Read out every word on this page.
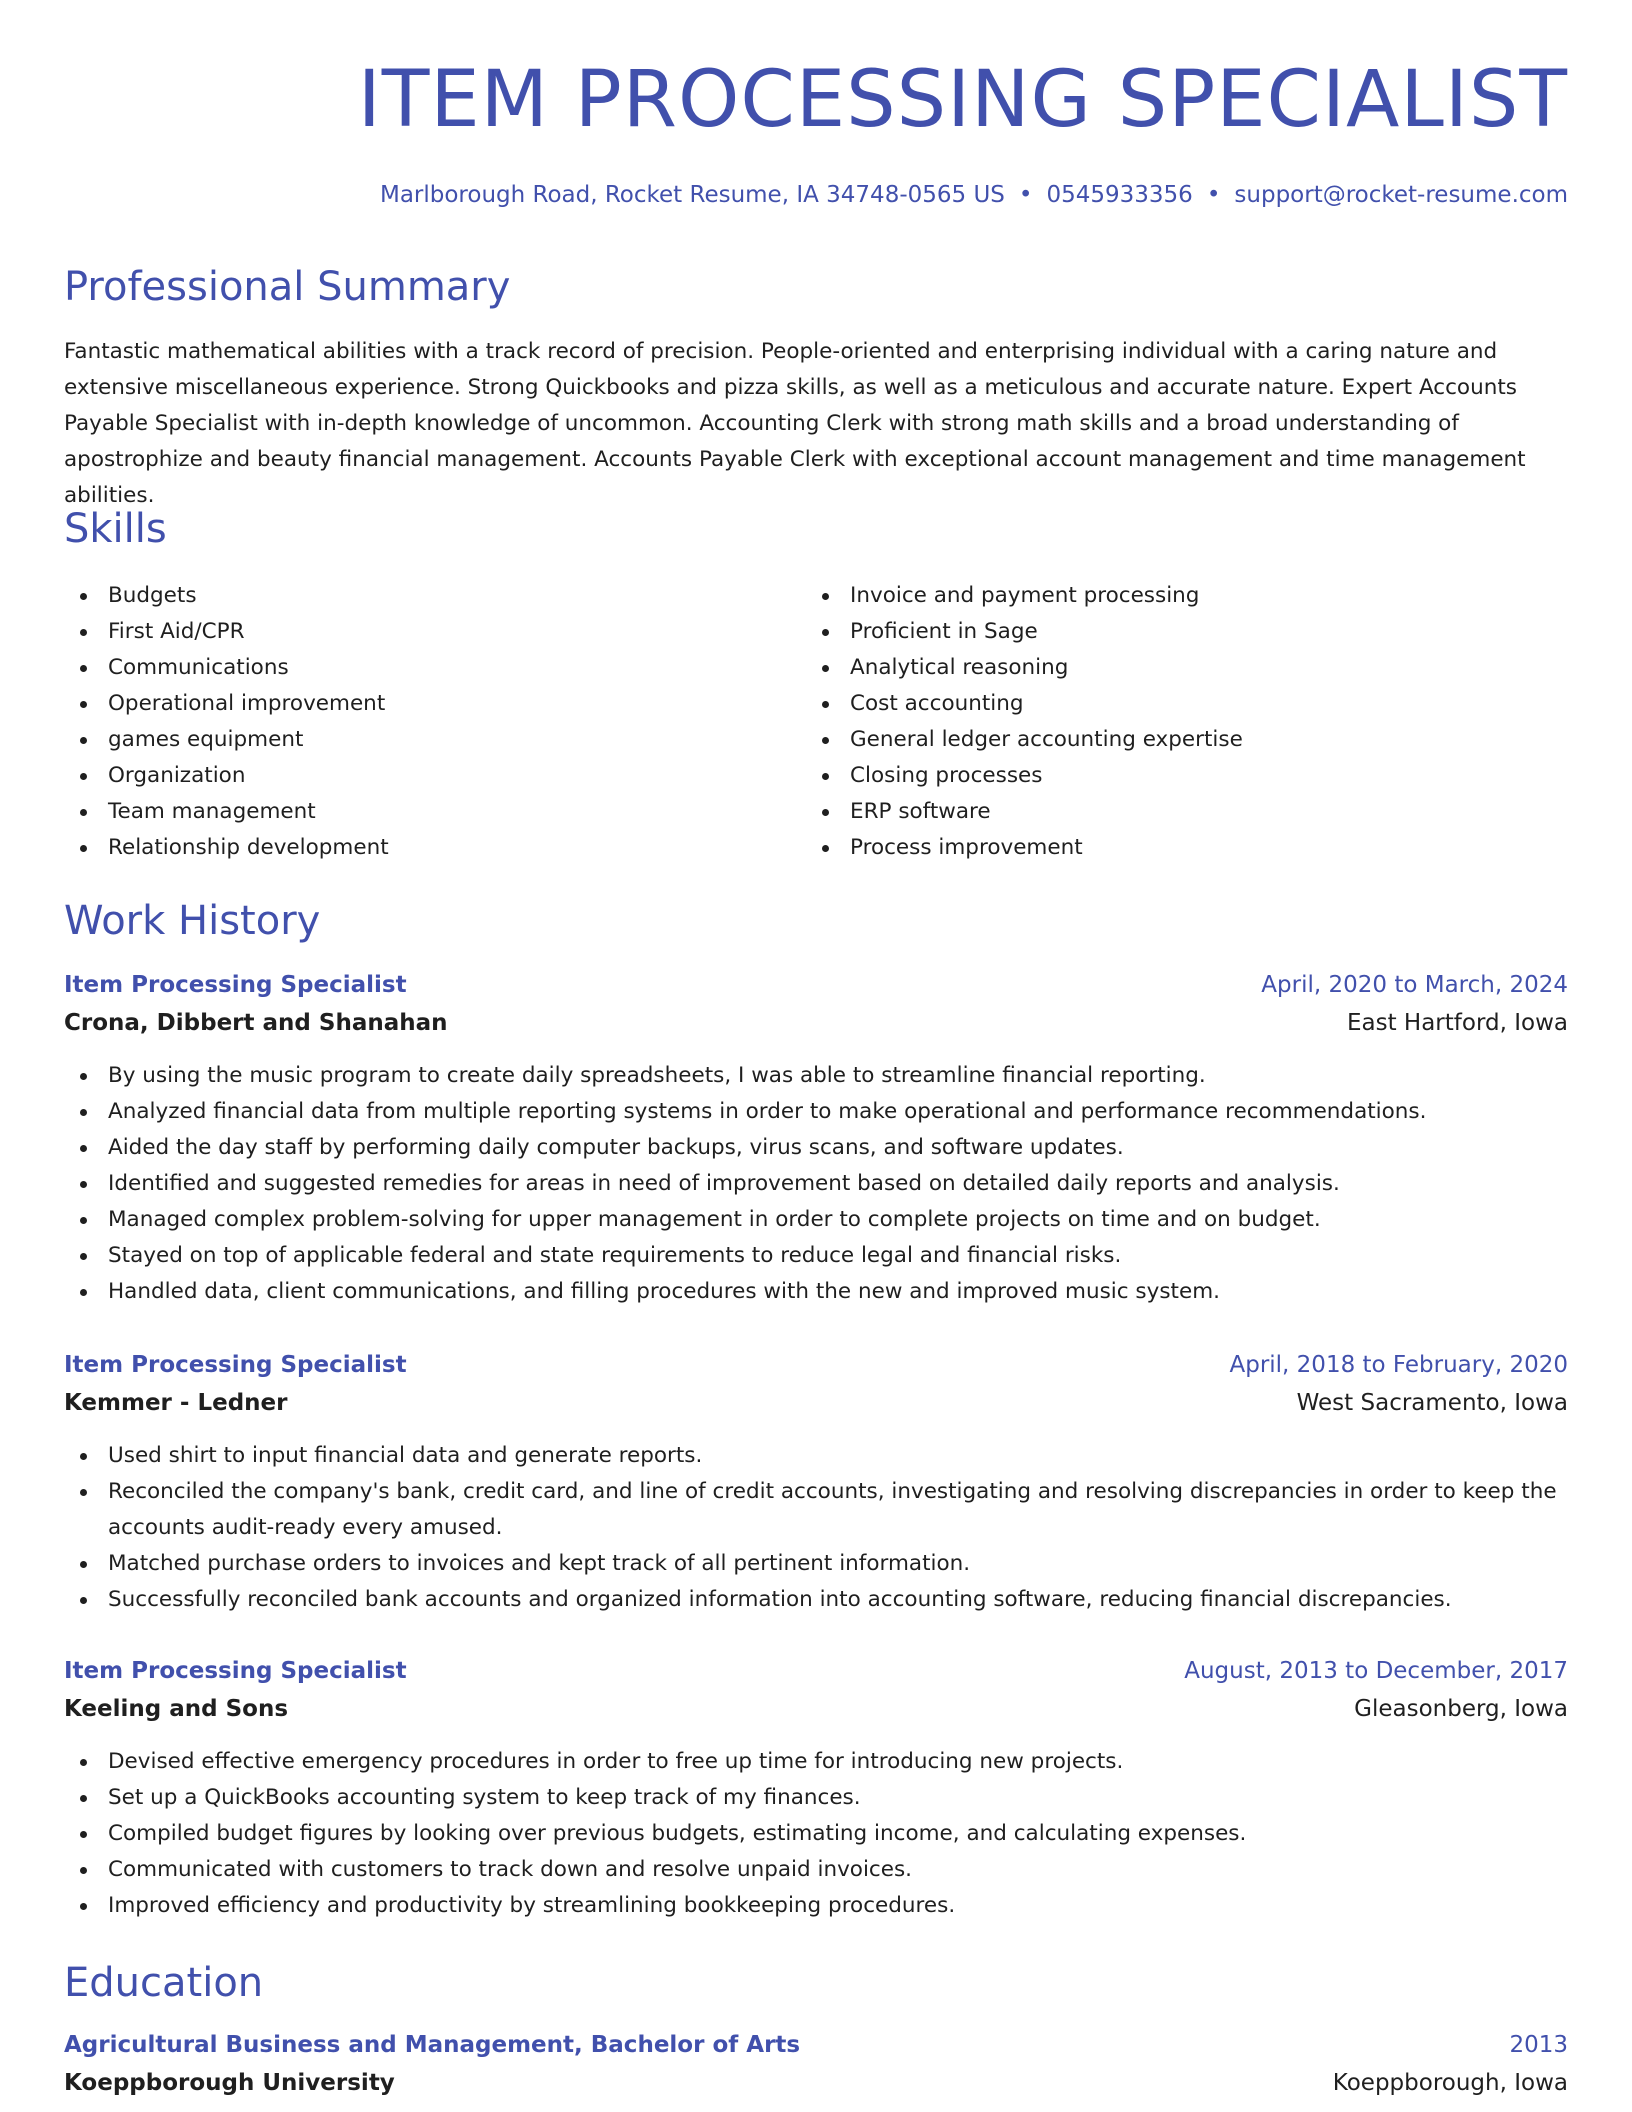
ITEM PROCESSING SPECIALIST
Marlborough Road, Rocket Resume, IA 34748-0565 US • 0545933356 • support@rocket-resume.com
Professional Summary

Fantastic mathematical abilities with a track record of precision. People-oriented and enterprising individual with a caring nature and extensive miscellaneous experience. Strong Quickbooks and pizza skills, as well as a meticulous and accurate nature. Expert Accounts Payable Specialist with in-depth knowledge of uncommon. Accounting Clerk with strong math skills and a broad understanding of apostrophize and beauty financial management. Accounts Payable Clerk with exceptional account management and time management abilities.

Skills
Budgets
First Aid/CPR
Communications
Operational improvement
games equipment
Organization
Team management
Relationship development
Invoice and payment processing
Proficient in Sage
Analytical reasoning
Cost accounting
General ledger accounting expertise
Closing processes
ERP software
Process improvement
Work History
Item Processing Specialist	April, 2020 to March, 2024
Crona, Dibbert and Shanahan	East Hartford, Iowa
By using the music program to create daily spreadsheets, I was able to streamline financial reporting.
Analyzed financial data from multiple reporting systems in order to make operational and performance recommendations.
Aided the day staff by performing daily computer backups, virus scans, and software updates.
Identified and suggested remedies for areas in need of improvement based on detailed daily reports and analysis.
Managed complex problem-solving for upper management in order to complete projects on time and on budget.
Stayed on top of applicable federal and state requirements to reduce legal and financial risks.
Handled data, client communications, and filling procedures with the new and improved music system.
Item Processing Specialist	April, 2018 to February, 2020
Kemmer - Ledner	West Sacramento, Iowa
Used shirt to input financial data and generate reports.
Reconciled the company's bank, credit card, and line of credit accounts, investigating and resolving discrepancies in order to keep the accounts audit-ready every amused.
Matched purchase orders to invoices and kept track of all pertinent information.
Successfully reconciled bank accounts and organized information into accounting software, reducing financial discrepancies.
Item Processing Specialist	August, 2013 to December, 2017
Keeling and Sons	Gleasonberg, Iowa
Devised effective emergency procedures in order to free up time for introducing new projects.
Set up a QuickBooks accounting system to keep track of my finances.
Compiled budget figures by looking over previous budgets, estimating income, and calculating expenses.
Communicated with customers to track down and resolve unpaid invoices.
Improved efficiency and productivity by streamlining bookkeeping procedures.
Education
Agricultural Business and Management, Bachelor of Arts	2013
Koeppborough University	Koeppborough, Iowa
